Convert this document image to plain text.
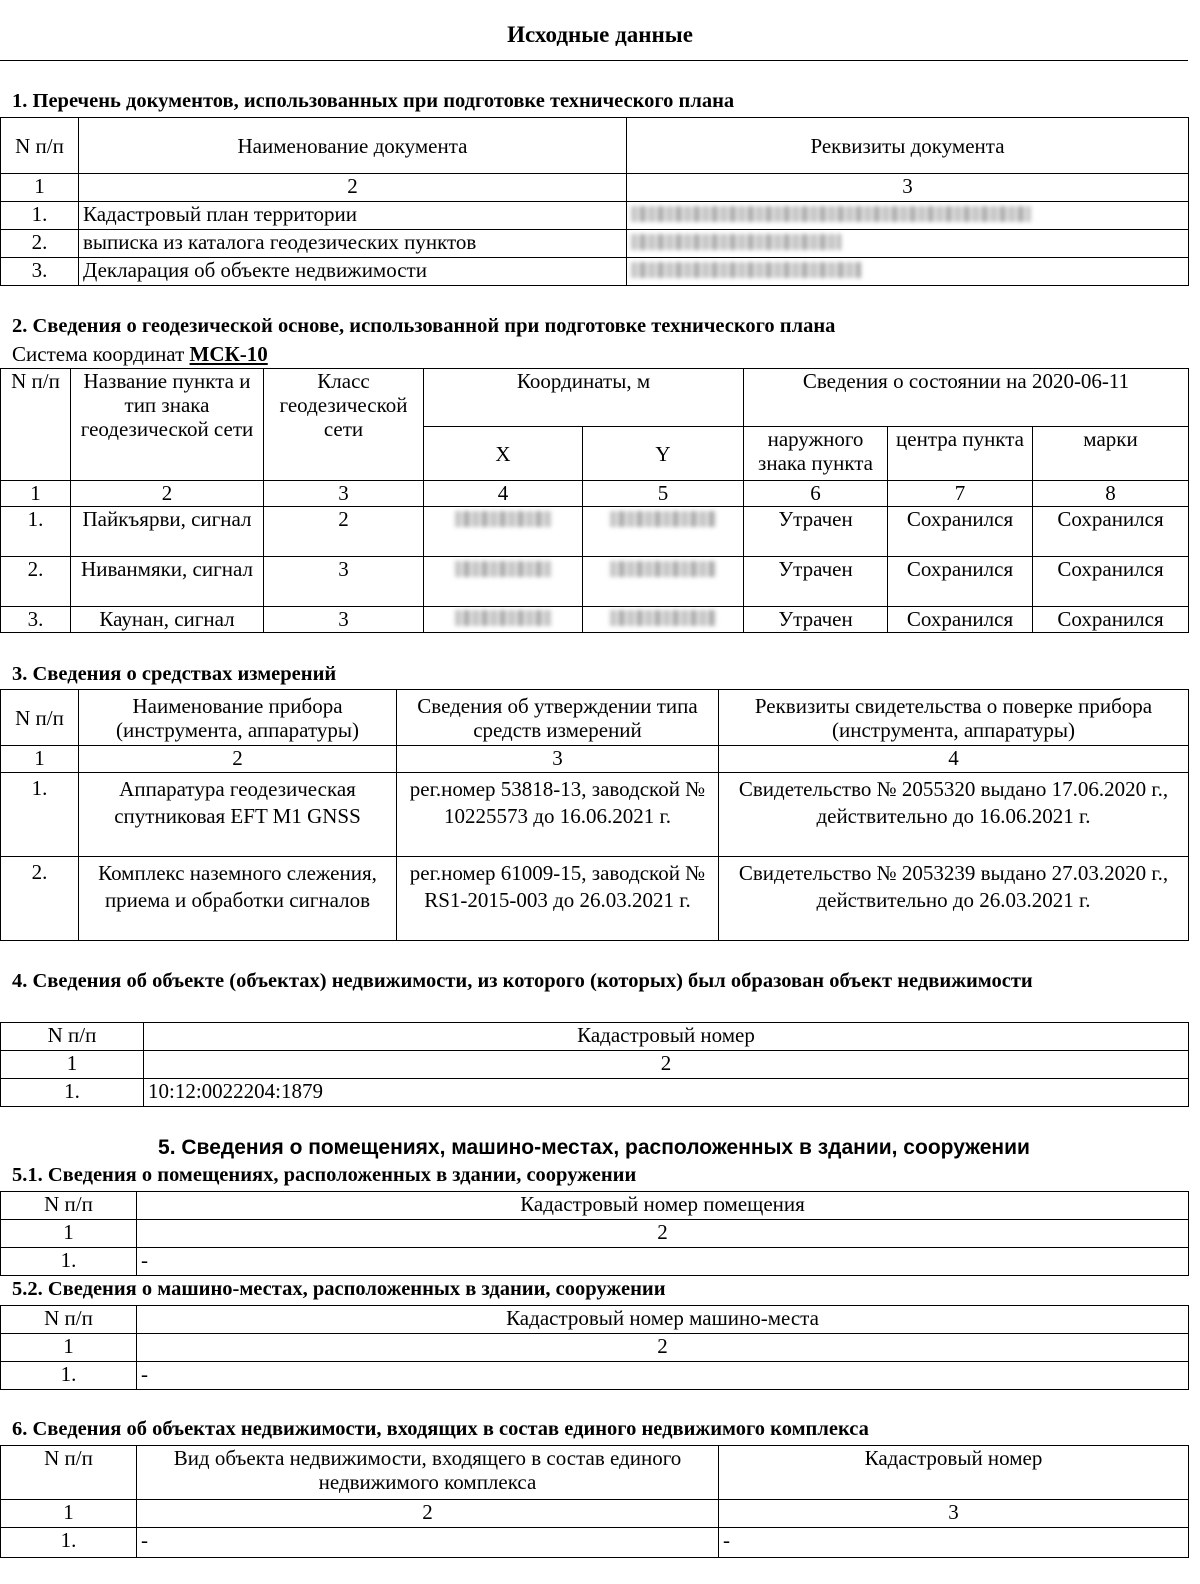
Исходные данные
1. Перечень документов, использованных при подготовке технического плана
N п/п	Наименование документа	Реквизиты документа
1	2	3
1.	Кадастровый план территории	
2.	выписка из каталога геодезических пунктов	
3.	Декларация об объекте недвижимости	
2. Сведения о геодезической основе, использованной при подготовке технического плана
Система координат МСК-10
N п/п	Название пункта и тип знака геодезической сети	Класс геодезической сети	Координаты, м		Сведения о состоянии на 2020-06-11		
			X	Y	наружного знака пункта	центра пункта	марки
1	2	3	4	5	6	7	8
1.	Пайкъярви, сигнал	2			Утрачен	Сохранился	Сохранился
2.	Ниванмяки, сигнал	3			Утрачен	Сохранился	Сохранился
3.	Каунан, сигнал	3			Утрачен	Сохранился	Сохранился
3. Сведения о средствах измерений
N п/п	Наименование прибора (инструмента, аппаратуры)	Сведения об утверждении типа средств измерений	Реквизиты свидетельства о поверке прибора (инструмента, аппаратуры)
1	2	3	4
1.	Аппаратура геодезическая спутниковая EFT M1 GNSS	рег.номер 53818-13, заводской № 10225573 до 16.06.2021 г.	Свидетельство № 2055320 выдано 17.06.2020 г., действительно до 16.06.2021 г.
2.	Комплекс наземного слежения, приема и обработки сигналов	рег.номер 61009-15, заводской № RS1-2015-003 до 26.03.2021 г.	Свидетельство № 2053239 выдано 27.03.2020 г., действительно до 26.03.2021 г.
4. Сведения об объекте (объектах) недвижимости, из которого (которых) был образован объект недвижимости
N п/п	Кадастровый номер
1	2
1.	10:12:0022204:1879
5. Сведения о помещениях, машино-местах, расположенных в здании, сооружении
5.1. Сведения о помещениях, расположенных в здании, сооружении
N п/п	Кадастровый номер помещения
1	2
1.	-
5.2. Сведения о машино-местах, расположенных в здании, сооружении
N п/п	Кадастровый номер машино-места
1	2
1.	-
6. Сведения об объектах недвижимости, входящих в состав единого недвижимого комплекса
N п/п	Вид объекта недвижимости, входящего в состав единого недвижимого комплекса	Кадастровый номер
1	2	3
1.	-	-
